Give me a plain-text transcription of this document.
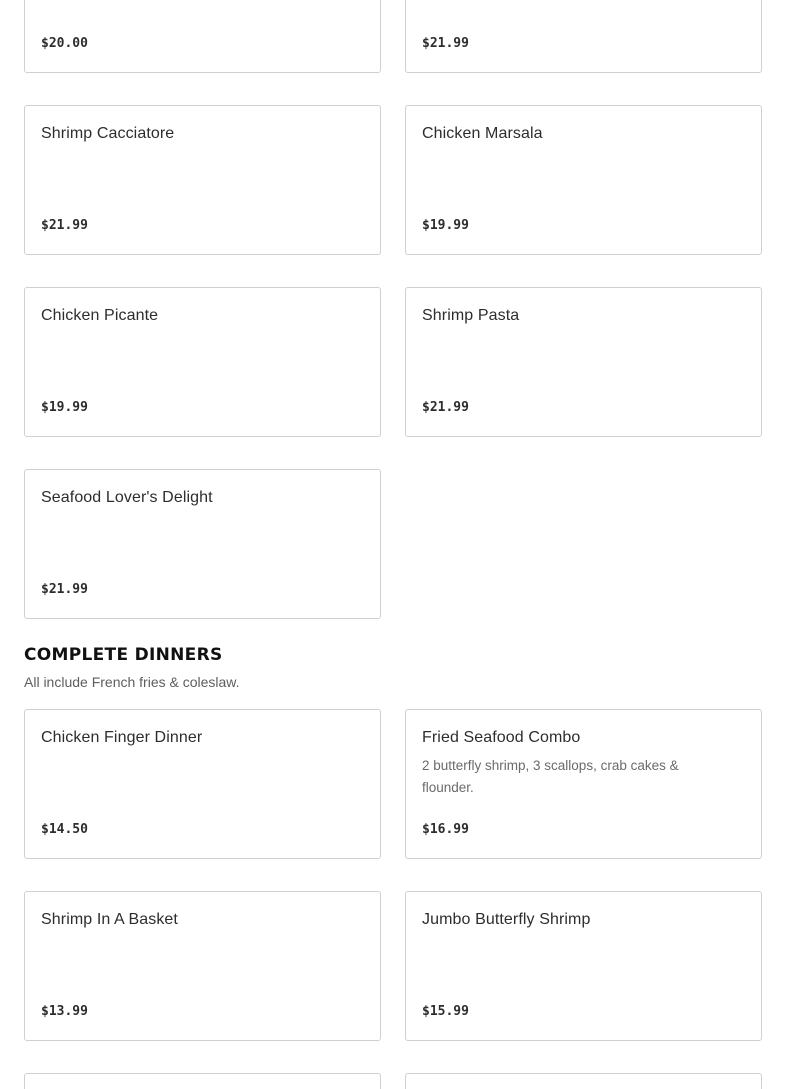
$20.00	$21.99
Shrimp Cacciatore
$21.99
Chicken Marsala
$19.99
Chicken Picante
$19.99
Shrimp Pasta
$21.99
Seafood Lover's Delight
$21.99
COMPLETE DINNERS

All include French fries & coleslaw.

Chicken Finger Dinner
$14.50
Fried Seafood Combo
2 butterfly shrimp, 3 scallops, crab cakes & flounder.
$16.99
Shrimp In A Basket
$13.99
Jumbo Butterfly Shrimp
$15.99
